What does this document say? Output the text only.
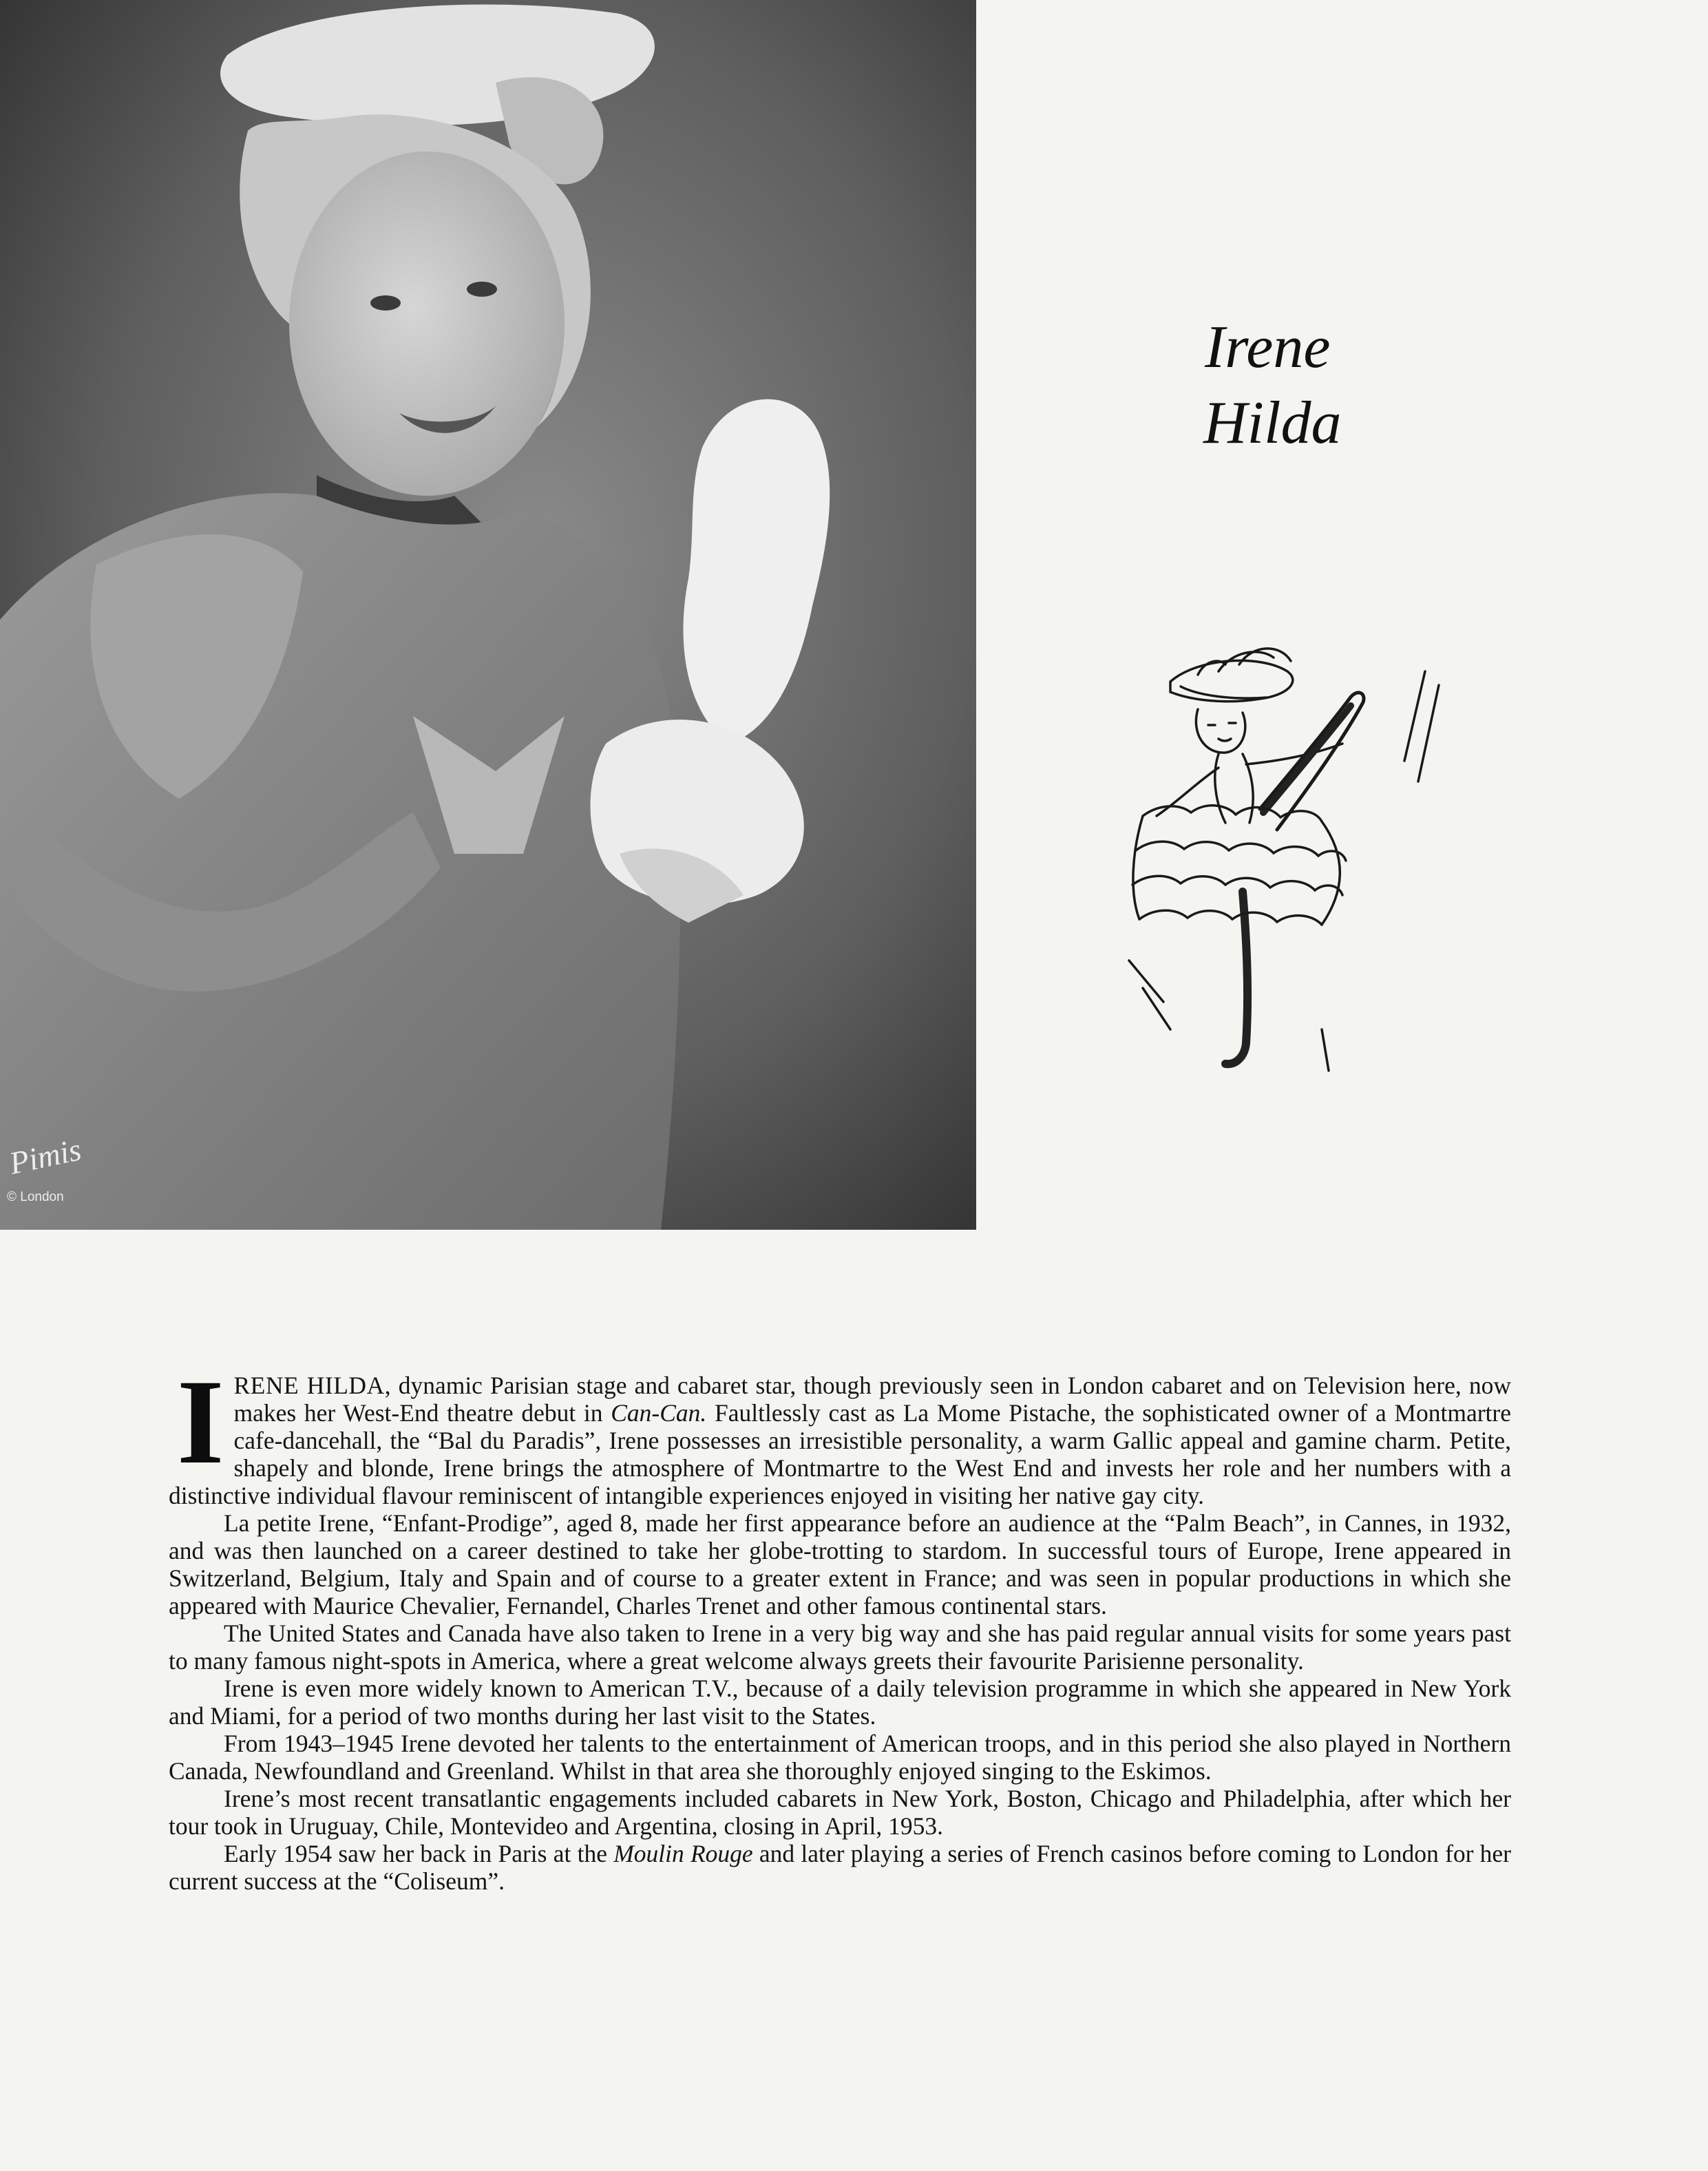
Pimis
© London
Irene
Hilda

IRENE HILDA, dynamic Parisian stage and cabaret star, though previously seen in London cabaret and on Television here, now makes her West-End theatre debut in Can-Can. Faultlessly cast as La Mome Pistache, the sophisticated owner of a Montmartre cafe-dancehall, the “Bal du Paradis”, Irene possesses an irresistible personality, a warm Gallic appeal and gamine charm. Petite, shapely and blonde, Irene brings the atmosphere of Montmartre to the West End and invests her role and her numbers with a distinctive individual flavour reminiscent of intangible experiences enjoyed in visiting her native gay city.

La petite Irene, “Enfant-Prodige”, aged 8, made her first appearance before an audience at the “Palm Beach”, in Cannes, in 1932, and was then launched on a career destined to take her globe-trotting to stardom. In successful tours of Europe, Irene appeared in Switzerland, Belgium, Italy and Spain and of course to a greater extent in France; and was seen in popular productions in which she appeared with Maurice Chevalier, Fernandel, Charles Trenet and other famous continental stars.

The United States and Canada have also taken to Irene in a very big way and she has paid regular annual visits for some years past to many famous night-spots in America, where a great welcome always greets their favourite Parisienne personality.

Irene is even more widely known to American T.V., because of a daily television programme in which she appeared in New York and Miami, for a period of two months during her last visit to the States.

From 1943–1945 Irene devoted her talents to the entertainment of American troops, and in this period she also played in Northern Canada, Newfoundland and Greenland. Whilst in that area she thoroughly enjoyed singing to the Eskimos.

Irene’s most recent transatlantic engagements included cabarets in New York, Boston, Chicago and Philadelphia, after which her tour took in Uruguay, Chile, Montevideo and Argentina, closing in April, 1953.

Early 1954 saw her back in Paris at the Moulin Rouge and later playing a series of French casinos before coming to London for her current success at the “Coliseum”.
